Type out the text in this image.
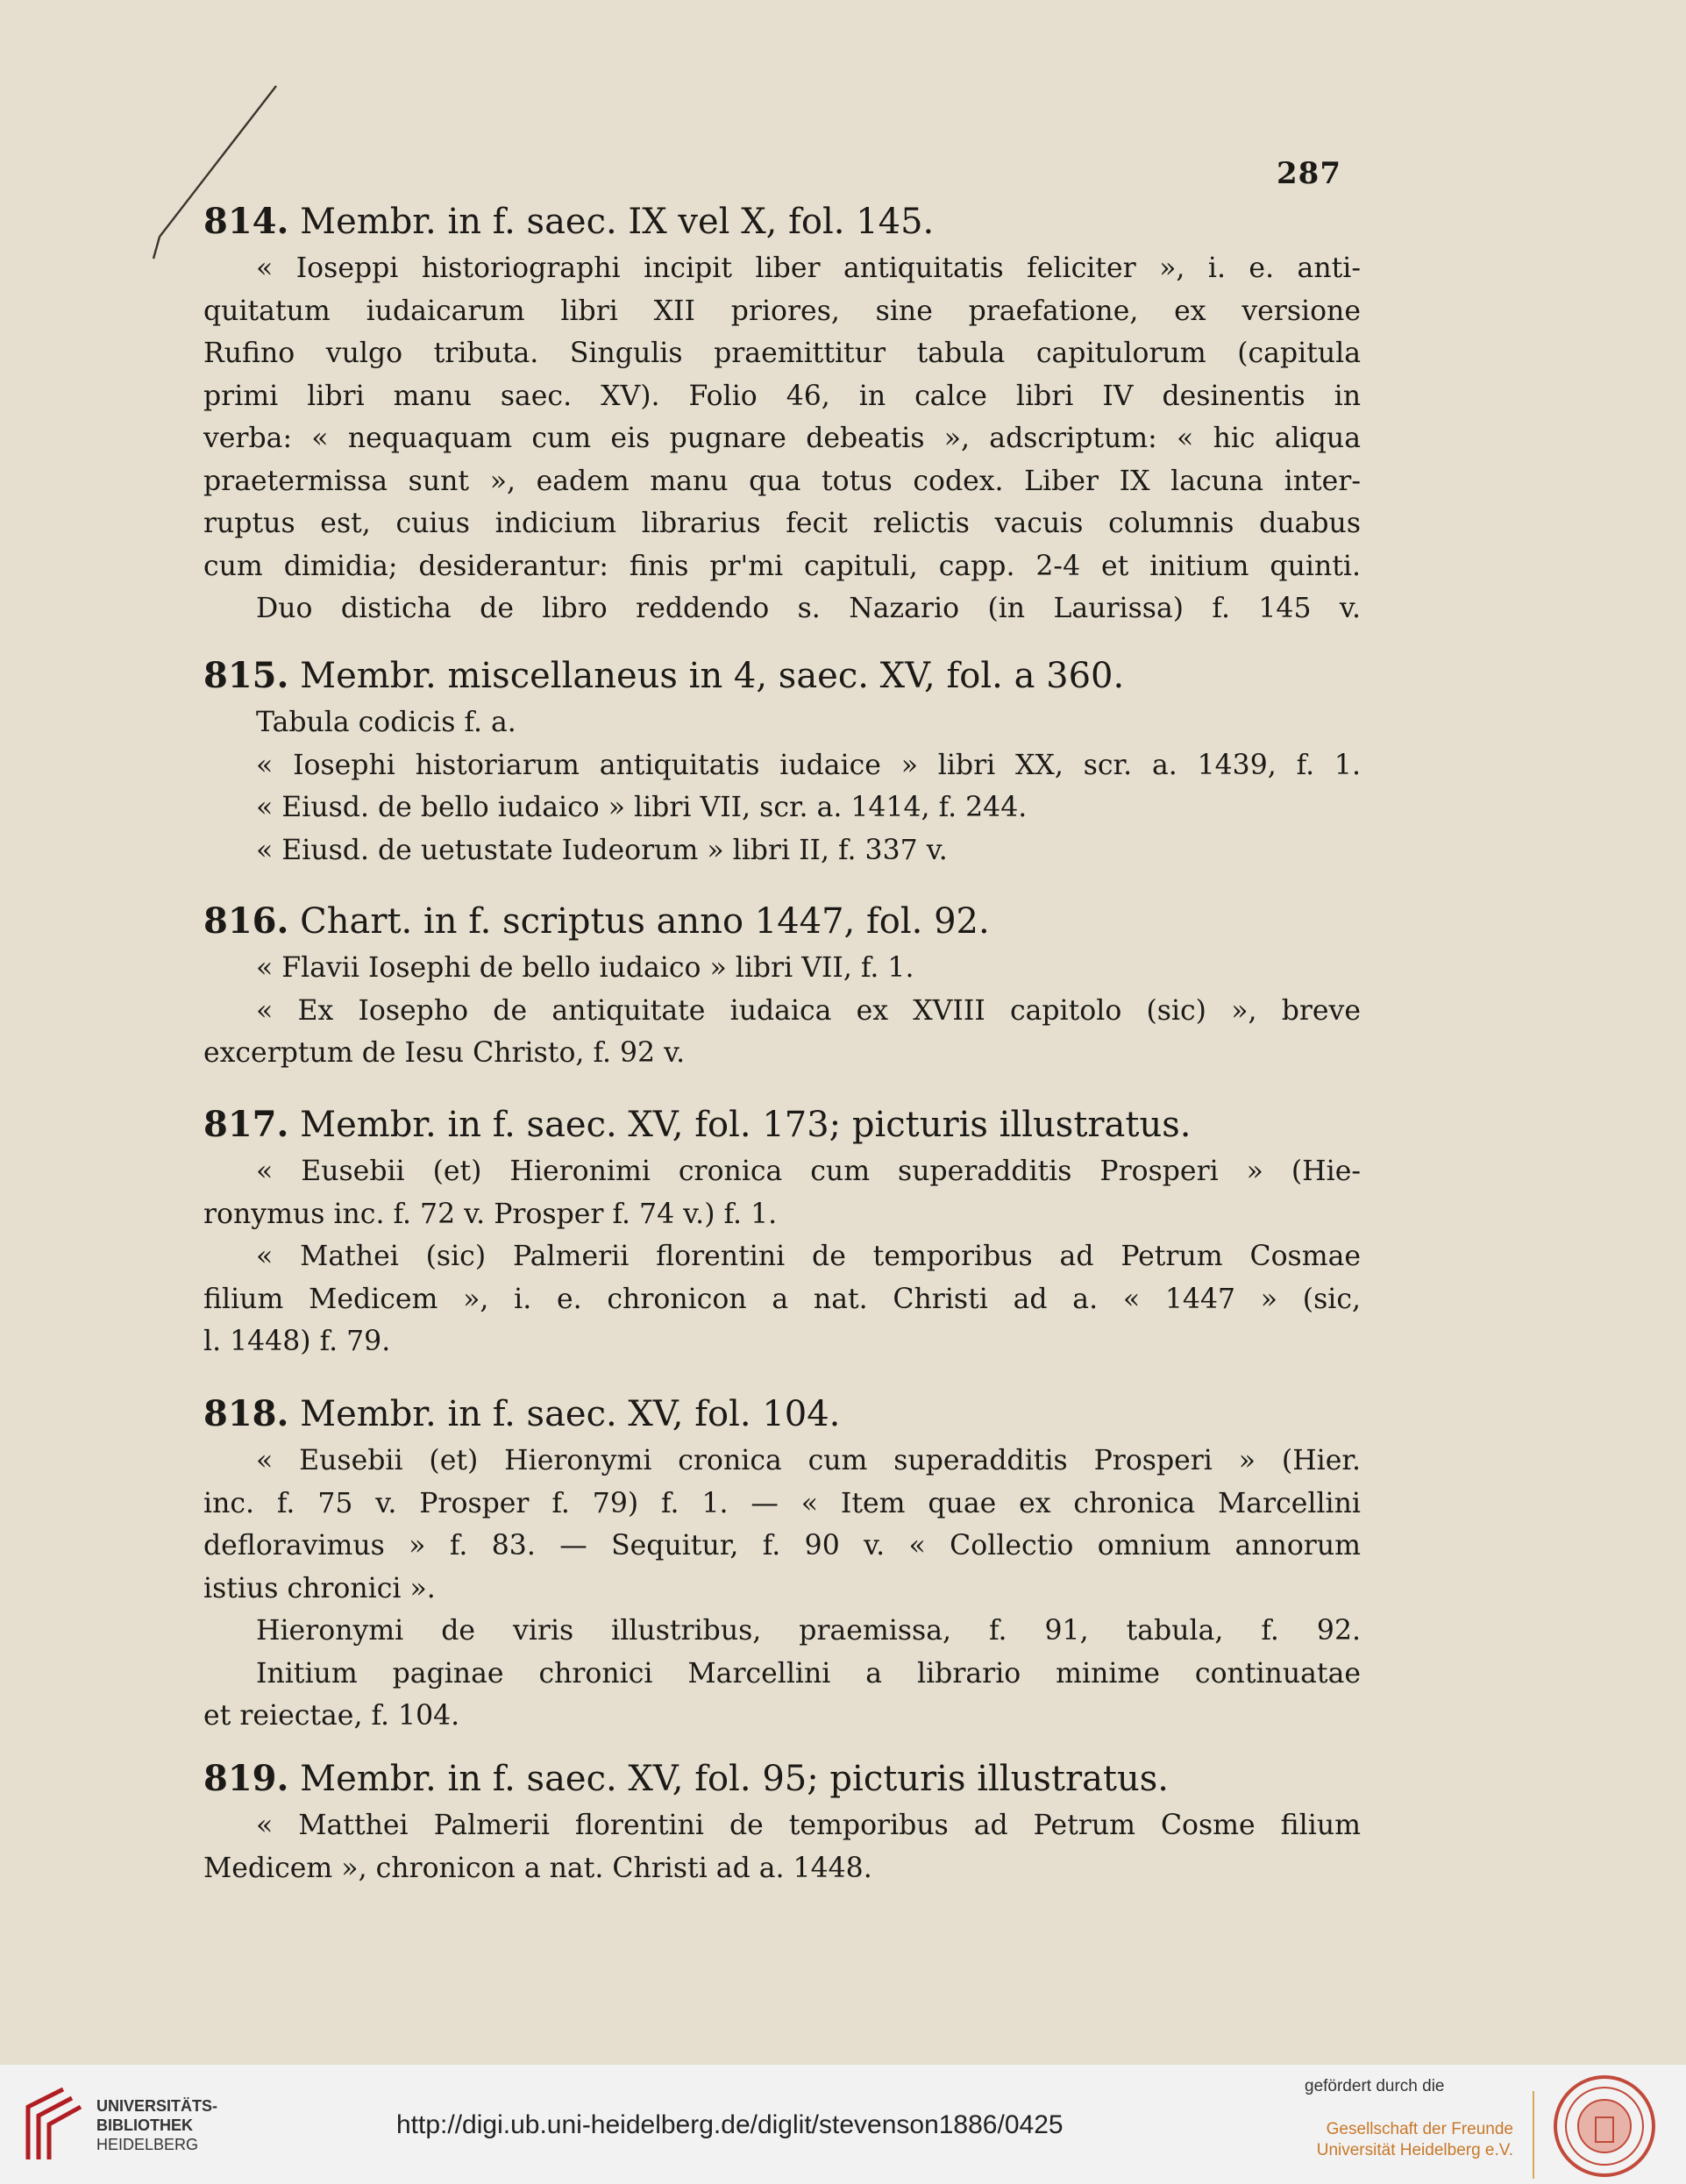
287
814. Membr. in f. saec. IX vel X, fol. 145.

« Ioseppi historiographi incipit liber antiquitatis feliciter », i. e. anti-

quitatum iudaicarum libri XII priores, sine praefatione, ex versione

Rufino vulgo tributa. Singulis praemittitur tabula capitulorum (capitula

primi libri manu saec. XV). Folio 46, in calce libri IV desinentis in

verba: « nequaquam cum eis pugnare debeatis », adscriptum: « hic aliqua

praetermissa sunt », eadem manu qua totus codex. Liber IX lacuna inter-

ruptus est, cuius indicium librarius fecit relictis vacuis columnis duabus

cum dimidia; desiderantur: finis pr'mi capituli, capp. 2-4 et initium quinti.

Duo disticha de libro reddendo s. Nazario (in Laurissa) f. 145 v.

815. Membr. miscellaneus in 4, saec. XV, fol. a 360.

Tabula codicis f. a.

« Iosephi historiarum antiquitatis iudaice » libri XX, scr. a. 1439, f. 1.

« Eiusd. de bello iudaico » libri VII, scr. a. 1414, f. 244.

« Eiusd. de uetustate Iudeorum » libri II, f. 337 v.

816. Chart. in f. scriptus anno 1447, fol. 92.

« Flavii Iosephi de bello iudaico » libri VII, f. 1.

« Ex Iosepho de antiquitate iudaica ex XVIII capitolo (sic) », breve

excerptum de Iesu Christo, f. 92 v.

817. Membr. in f. saec. XV, fol. 173; picturis illustratus.

« Eusebii (et) Hieronimi cronica cum superadditis Prosperi » (Hie-

ronymus inc. f. 72 v. Prosper f. 74 v.) f. 1.

« Mathei (sic) Palmerii florentini de temporibus ad Petrum Cosmae

filium Medicem », i. e. chronicon a nat. Christi ad a. « 1447 » (sic,

l. 1448) f. 79.

818. Membr. in f. saec. XV, fol. 104.

« Eusebii (et) Hieronymi cronica cum superadditis Prosperi » (Hier.

inc. f. 75 v. Prosper f. 79) f. 1. — « Item quae ex chronica Marcellini

defloravimus » f. 83. — Sequitur, f. 90 v. « Collectio omnium annorum

istius chronici ».

Hieronymi de viris illustribus, praemissa, f. 91, tabula, f. 92.

Initium paginae chronici Marcellini a librario minime continuatae

et reiectae, f. 104.

819. Membr. in f. saec. XV, fol. 95; picturis illustratus.

« Matthei Palmerii florentini de temporibus ad Petrum Cosme filium

Medicem », chronicon a nat. Christi ad a. 1448.

UNIVERSITÄTS-
BIBLIOTHEK
HEIDELBERG
http://digi.ub.uni-heidelberg.de/diglit/stevenson1886/0425
gefördert durch die
Gesellschaft der Freunde
Universität Heidelberg e.V.
